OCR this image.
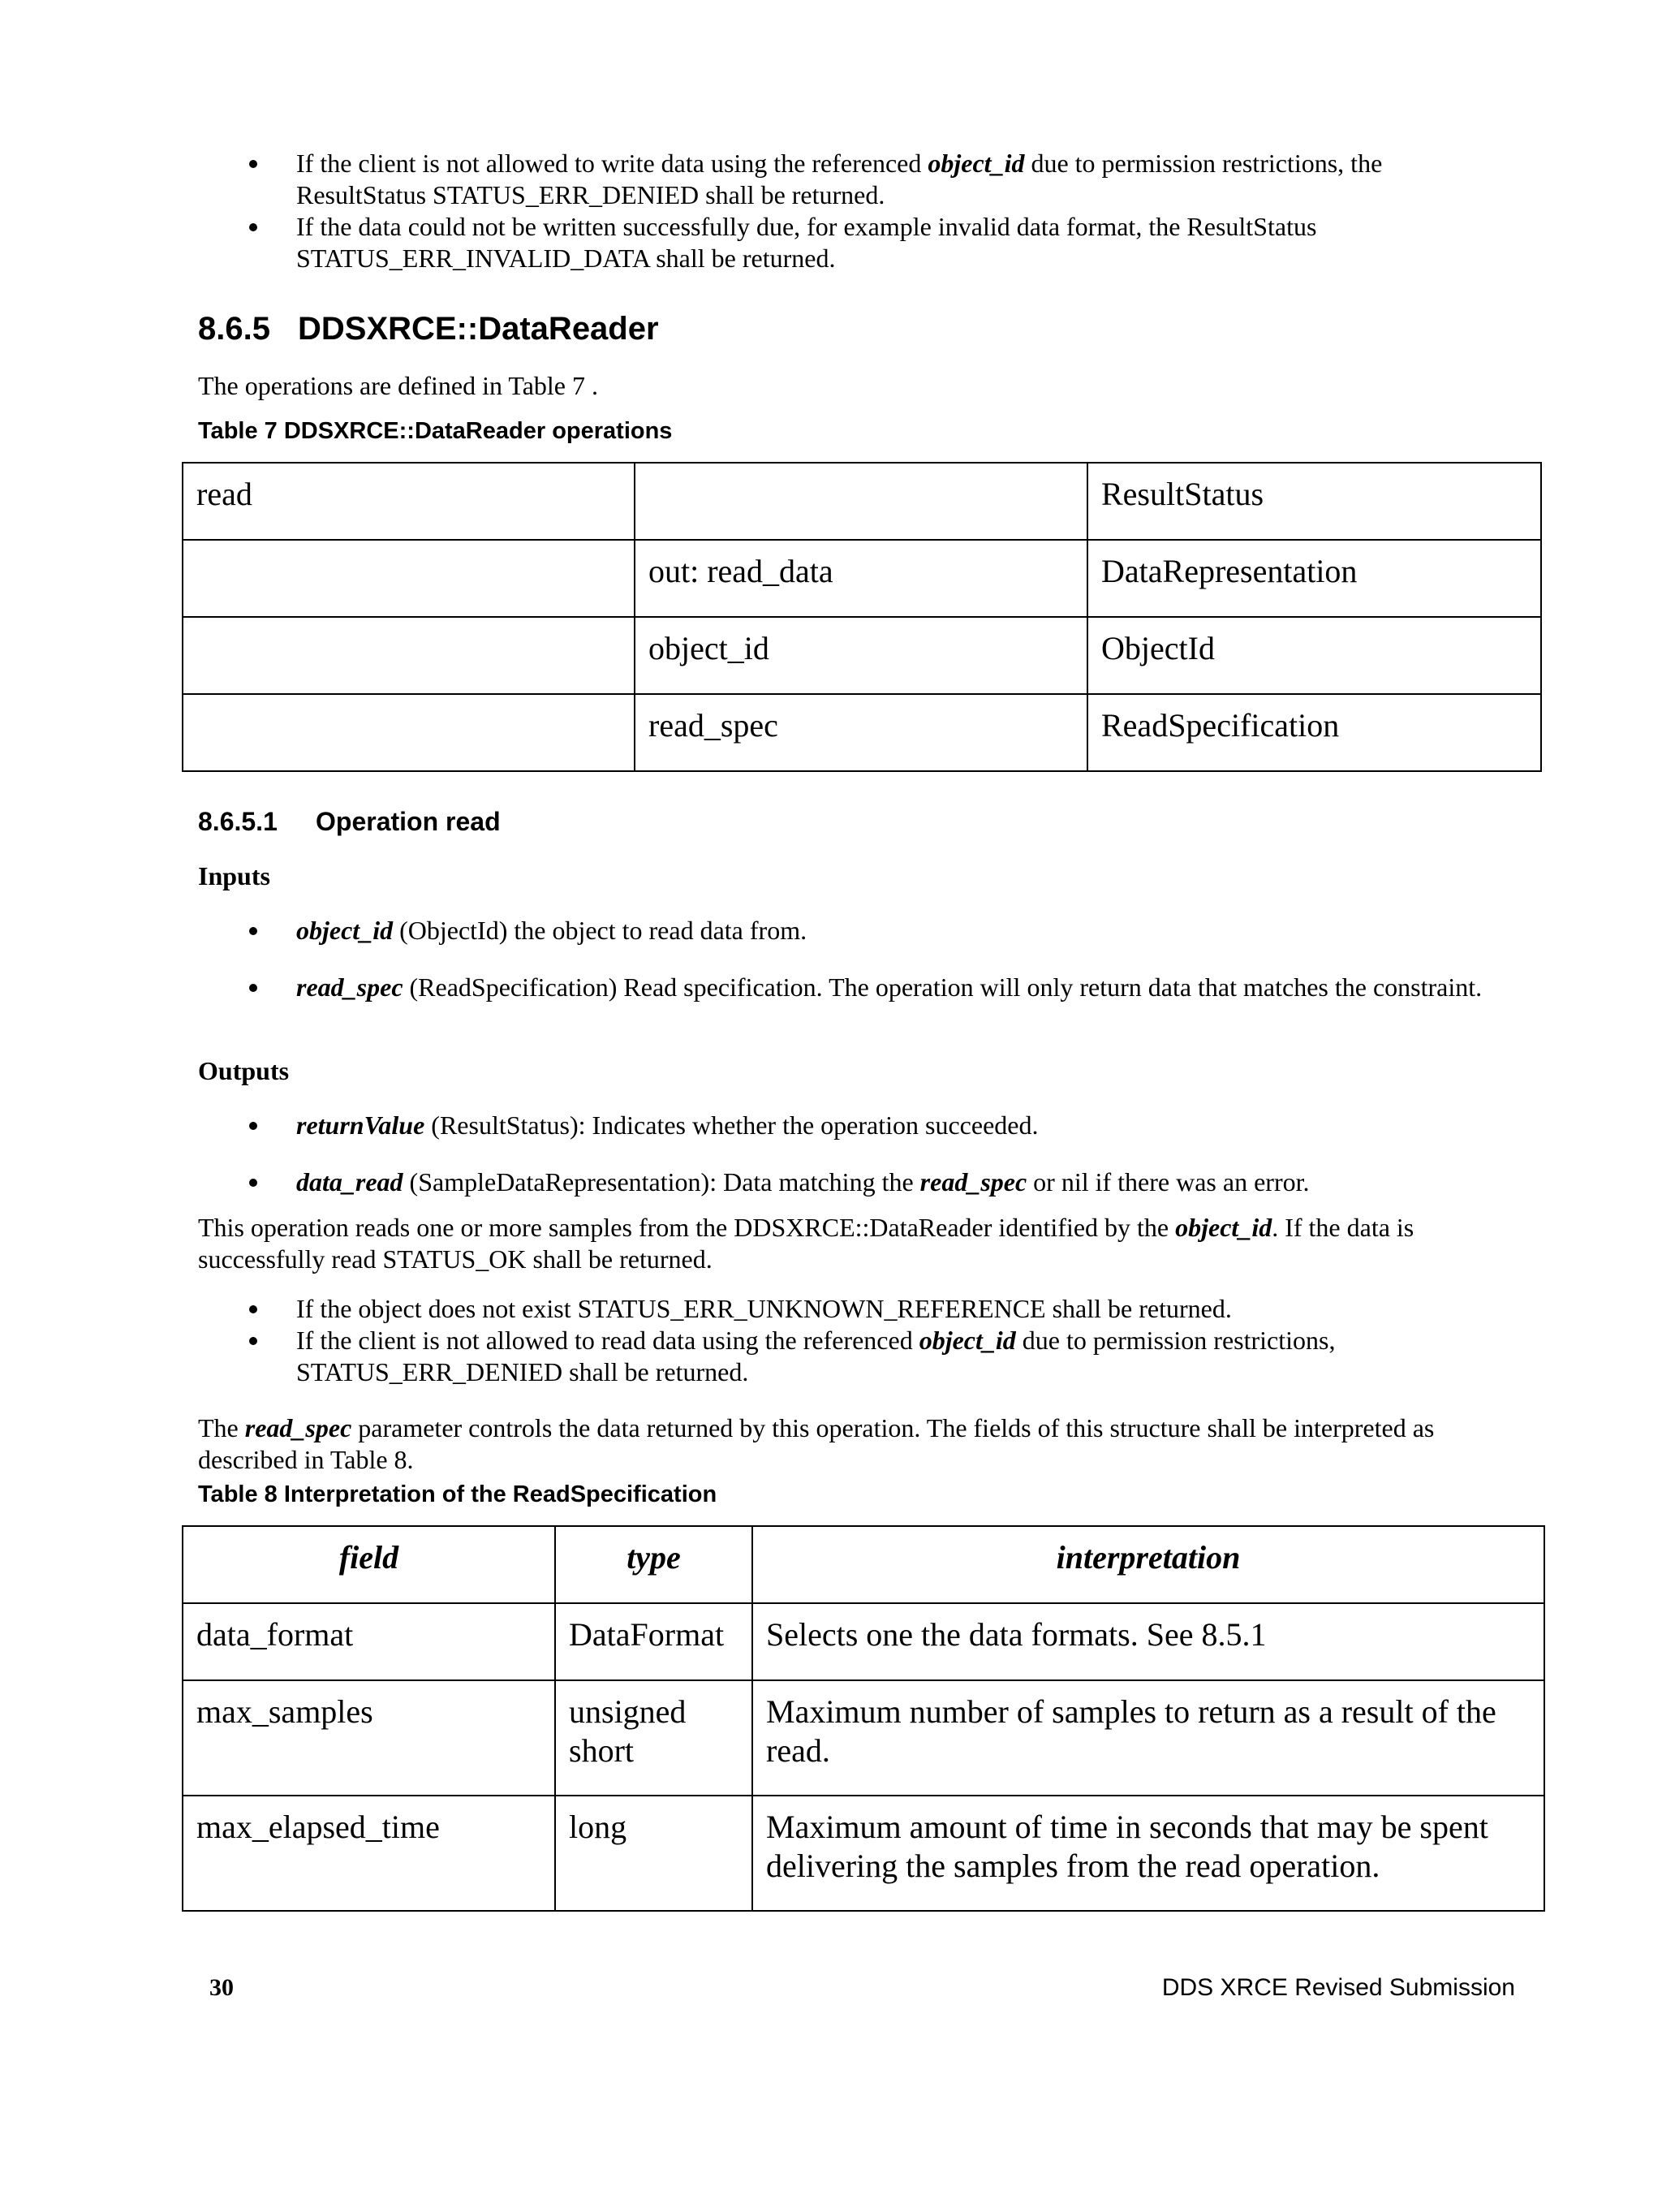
If the client is not allowed to write data using the referenced object_id due to permission restrictions, the ResultStatus STATUS_ERR_DENIED shall be returned.
If the data could not be written successfully due, for example invalid data format, the ResultStatus STATUS_ERR_INVALID_DATA shall be returned.
8.6.5 DDSXRCE::DataReader
The operations are defined in Table 7 .
Table 7 DDSXRCE::DataReader operations
read		ResultStatus
	out: read_data	DataRepresentation
	object_id	ObjectId
	read_spec	ReadSpecification
8.6.5.1 Operation read
Inputs
object_id (ObjectId) the object to read data from.
read_spec (ReadSpecification) Read specification. The operation will only return data that matches the constraint.
Outputs
returnValue (ResultStatus): Indicates whether the operation succeeded.
data_read (SampleDataRepresentation): Data matching the read_spec or nil if there was an error.
This operation reads one or more samples from the DDSXRCE::DataReader identified by the object_id. If the data is successfully read STATUS_OK shall be returned.
If the object does not exist STATUS_ERR_UNKNOWN_REFERENCE shall be returned.
If the client is not allowed to read data using the referenced object_id due to permission restrictions, STATUS_ERR_DENIED shall be returned.
The read_spec parameter controls the data returned by this operation. The fields of this structure shall be interpreted as described in Table 8.
Table 8 Interpretation of the ReadSpecification
field	type	interpretation
data_format	DataFormat	Selects one the data formats. See 8.5.1
max_samples	unsigned short	Maximum number of samples to return as a result of the read.
max_elapsed_time	long	Maximum amount of time in seconds that may be spent delivering the samples from the read operation.
30	DDS XRCE Revised Submission
